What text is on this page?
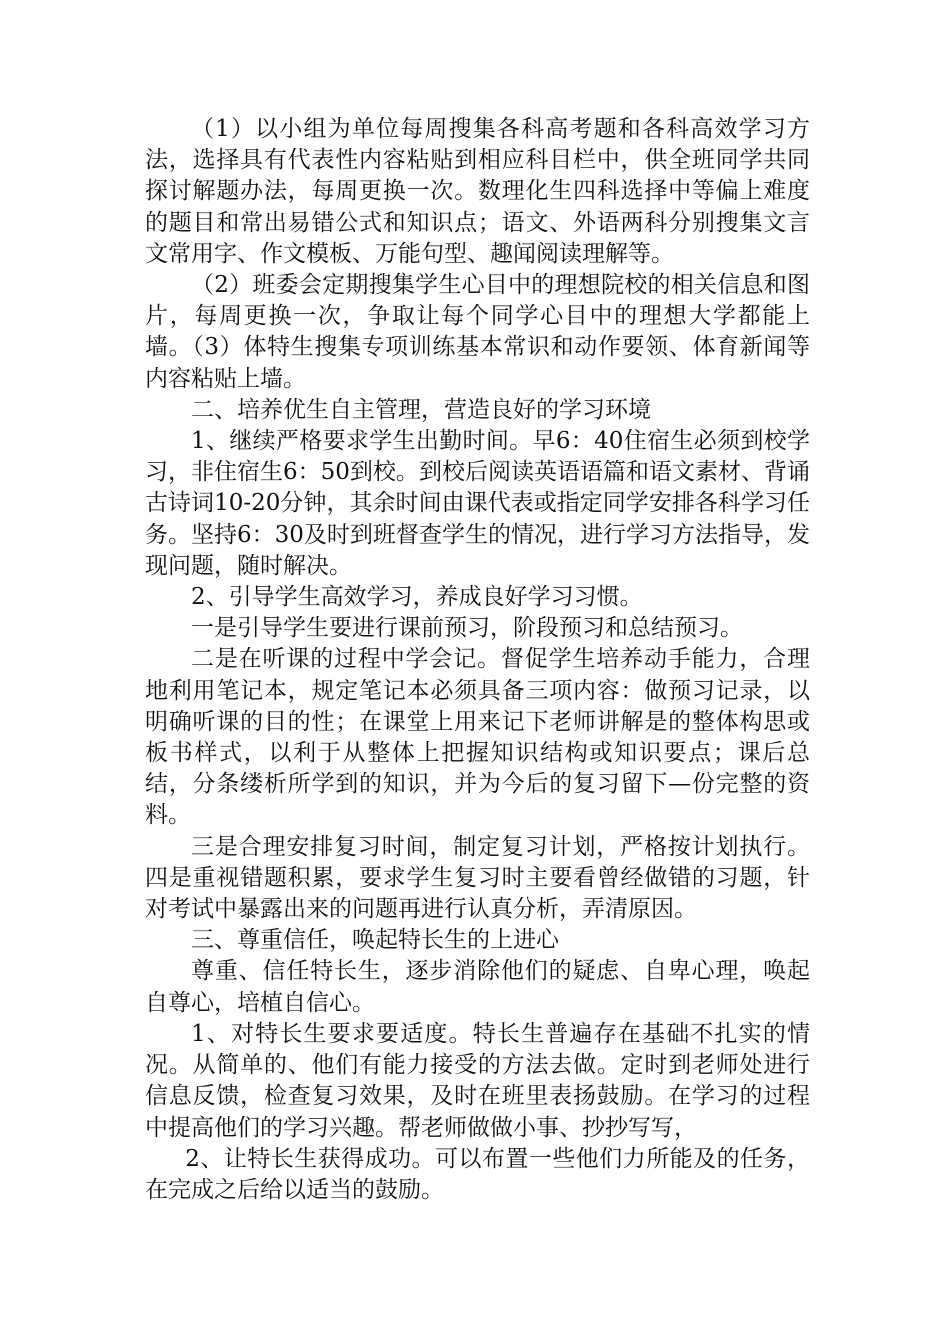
（1）以小组为单位每周搜集各科高考题和各科高效学习方法，选择具有代表性内容粘贴到相应科目栏中，供全班同学共同探讨解题办法，每周更换一次。数理化生四科选择中等偏上难度的题目和常出易错公式和知识点；语文、外语两科分别搜集文言文常用字、作文模板、万能句型、趣闻阅读理解等。

（2）班委会定期搜集学生心目中的理想院校的相关信息和图片，每周更换一次，争取让每个同学心目中的理想大学都能上墙。（3）体特生搜集专项训练基本常识和动作要领、体育新闻等内容粘贴上墙。

二、培养优生自主管理，营造良好的学习环境

1、继续严格要求学生出勤时间。早6：40住宿生必须到校学习，非住宿生6：50到校。到校后阅读英语语篇和语文素材、背诵古诗词10-20分钟，其余时间由课代表或指定同学安排各科学习任务。坚持6：30及时到班督查学生的情况，进行学习方法指导，发现问题，随时解决。

2、引导学生高效学习，养成良好学习习惯。

一是引导学生要进行课前预习，阶段预习和总结预习。

二是在听课的过程中学会记。督促学生培养动手能力，合理地利用笔记本，规定笔记本必须具备三项内容：做预习记录，以明确听课的目的性；在课堂上用来记下老师讲解是的整体构思或板书样式，以利于从整体上把握知识结构或知识要点；课后总结，分条缕析所学到的知识，并为今后的复习留下—份完整的资料。

三是合理安排复习时间，制定复习计划，严格按计划执行。四是重视错题积累，要求学生复习时主要看曾经做错的习题，针对考试中暴露出来的问题再进行认真分析，弄清原因。

三、尊重信任，唤起特长生的上进心

尊重、信任特长生，逐步消除他们的疑虑、自卑心理，唤起自尊心，培植自信心。

1、对特长生要求要适度。特长生普遍存在基础不扎实的情况。从简单的、他们有能力接受的方法去做。定时到老师处进行信息反馈，检查复习效果，及时在班里表扬鼓励。在学习的过程中提高他们的学习兴趣。帮老师做做小事、抄抄写写，

2、让特长生获得成功。可以布置一些他们力所能及的任务，在完成之后给以适当的鼓励。
